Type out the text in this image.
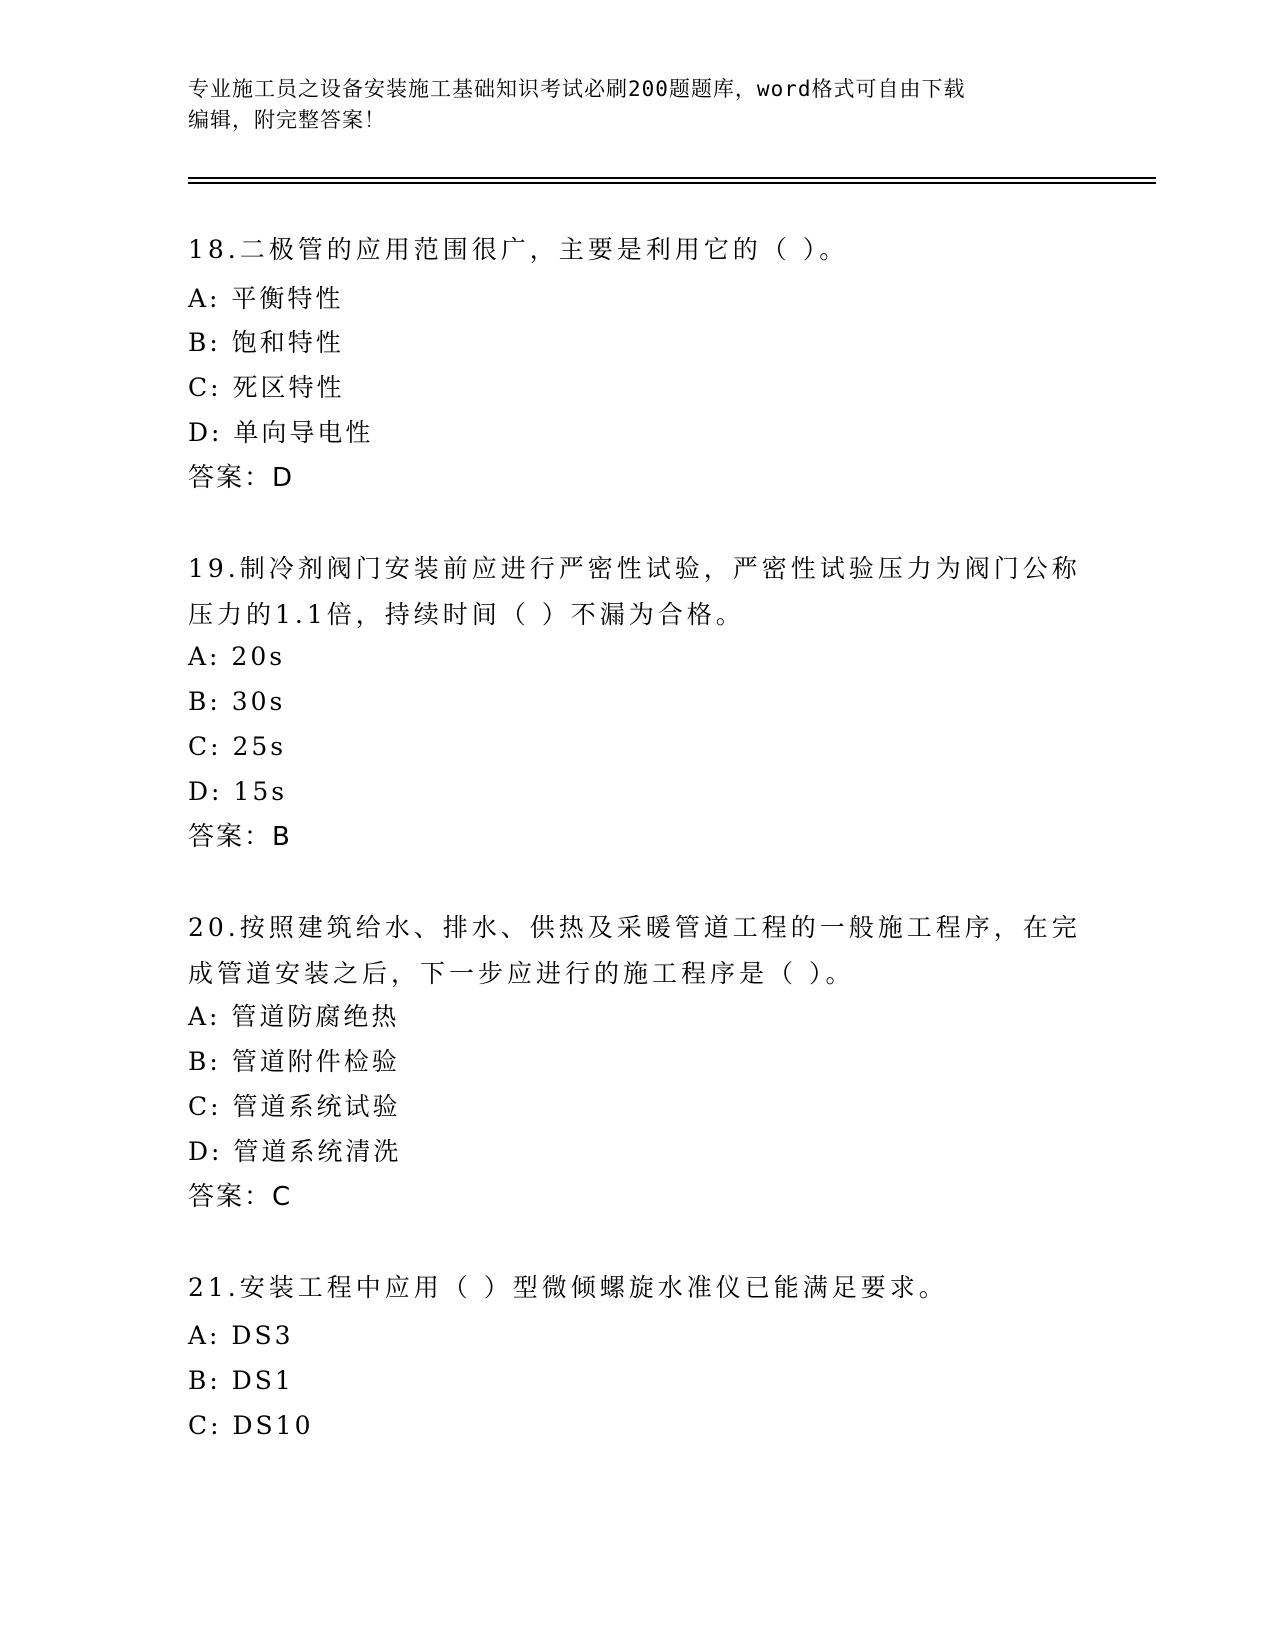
专业施工员之设备安装施工基础知识考试必刷200题题库，word格式可自由下载
编辑，附完整答案！
18.二极管的应用范围很广，主要是利用它的（ ）。
A: 平衡特性
B: 饱和特性
C: 死区特性
D: 单向导电性
答案：D
19.制冷剂阀门安装前应进行严密性试验，严密性试验压力为阀门公称
压力的1.1倍，持续时间（ ）不漏为合格。
A: 20s
B: 30s
C: 25s
D: 15s
答案：B
20.按照建筑给水、排水、供热及采暖管道工程的一般施工程序，在完
成管道安装之后，下一步应进行的施工程序是（ ）。
A: 管道防腐绝热
B: 管道附件检验
C: 管道系统试验
D: 管道系统清洗
答案：C
21.安装工程中应用（ ）型微倾螺旋水准仪已能满足要求。
A: DS3
B: DS1
C: DS10
